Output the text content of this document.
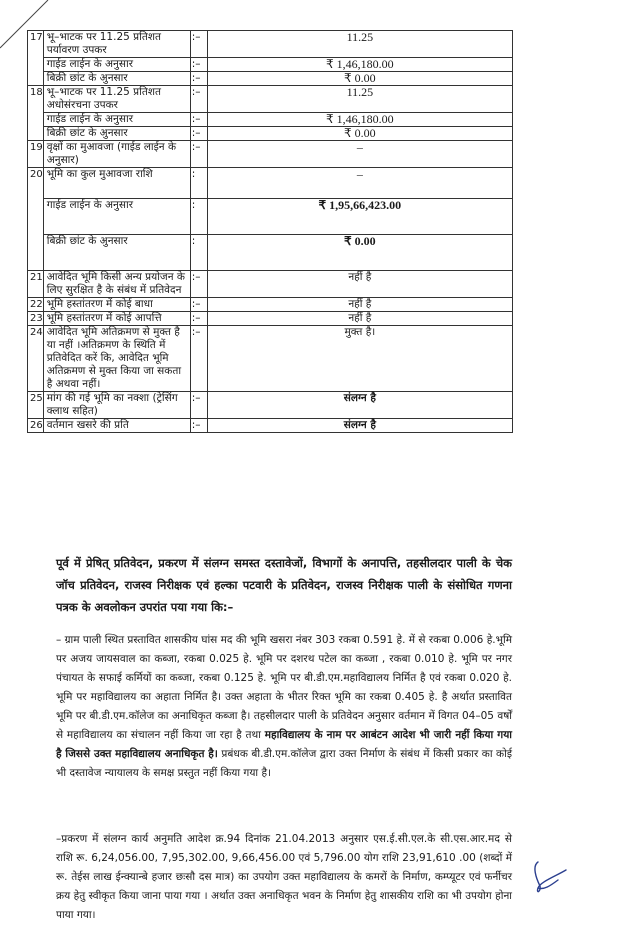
17	भू–भाटक पर 11.25 प्रतिशत पर्यावरण उपकर	:–	11.25
	गाईड लाईन के अनुसार	:–	₹ 1,46,180.00
	बिक्री छांट के अुनसार	:–	₹ 0.00
18	भू–भाटक पर 11.25 प्रतिशत अधोसंरचना उपकर	:–	11.25
	गाईड लाईन के अनुसार	:–	₹ 1,46,180.00
	बिक्री छांट के अुनसार	:–	₹ 0.00
19	वृक्षों का मुआवजा (गाईड लाईन के अनुसार)	:–	–
20	भूमि का कुल मुआवजा राशि	:	–
	गाईड लाईन के अनुसार	:	₹ 1,95,66,423.00
	बिक्री छांट के अुनसार	:	₹ 0.00
21	आवेदित भूमि किसी अन्य प्रयोजन के लिए सुरक्षित है के संबंध में प्रतिवेदन	:–	नहीं है
22	भूमि हस्तांतरण में कोई बाधा	:–	नहीं है
23	भूमि हस्तांतरण में कोई आपत्ति	:–	नहीं है
24	आवेदित भूमि अतिक्रमण से मुक्त है या नहीं ।अतिक्रमण के स्थिति में प्रतिवेदित करें कि, आवेदित भूमि अतिक्रमण से मुक्त किया जा सकता है अथवा नहीं।	:–	मुक्त है।
25	मांग की गई भूमि का नक्शा (ट्रेसिंग क्लाथ सहित)	:–	संलग्न है
26	वर्तमान खसरे की प्रति	:–	संलग्न है

पूर्व में प्रेषित् प्रतिवेदन, प्रकरण में संलग्न समस्त दस्तावेजों, विभागों के अनापत्ति, तहसीलदार पाली के चेक जॉच प्रतिवेदन, राजस्व निरीक्षक एवं हल्का पटवारी के प्रतिवेदन, राजस्व निरीक्षक पाली के संसोधित गणना पत्रक के अवलोकन उपरांत पया गया कि:–

– ग्राम पाली स्थित प्रस्तावित शासकीय घांस मद की भूमि खसरा नंबर 303 रकबा 0.591 हे. में से रकबा 0.006 हे.भूमि पर अजय जायसवाल का कब्जा, रकबा 0.025 हे. भूमि पर दशरथ पटेल का कब्जा , रकबा 0.010 हे. भूमि पर नगर पंचायत के सफाई कर्मियों का कब्जा, रकबा 0.125 हे. भूमि पर बी.डी.एम.महाविद्यालय निर्मित है एवं रकबा 0.020 हे. भूमि पर महाविद्यालय का अहाता निर्मित है। उक्त अहाता के भीतर रिक्त भूमि का रकबा 0.405 हे. है अर्थात प्रस्तावित भूमि पर बी.डी.एम.कॉलेज का अनाधिकृत कब्जा है। तहसीलदार पाली के प्रतिवेदन अनुसार वर्तमान में विगत 04–05 वर्षों से महाविद्यालय का संचालन नहीं किया जा रहा है तथा महाविद्यालय के नाम पर आबंटन आदेश भी जारी नहीं किया गया है जिससे उक्त महाविद्यालय अनाधिकृत है। प्रबंधक बी.डी.एम.कॉलेज द्वारा उक्त निर्माण के संबंध में किसी प्रकार का कोई भी दस्तावेज न्यायालय के समक्ष प्रस्तुत नहीं किया गया है।

–प्रकरण में संलग्न कार्य अनुमति आदेश क्र.94 दिनांक 21.04.2013 अनुसार एस.ई.सी.एल.के सी.एस.आर.मद से राशि रू. 6,24,056.00, 7,95,302.00, 9,66,456.00 एवं 5,796.00 योग राशि 23,91,610 .00 (शब्दों में रू. तेईस लाख ईन्क्यान्बे हजार छःसौ दस मात्र) का उपयोग उक्त महाविद्यालय के कमरों के निर्माण, कम्प्यूटर एवं फर्नीचर क्रय हेतु स्वीकृत किया जाना पाया गया । अर्थात उक्त अनाधिकृत भवन के निर्माण हेतु शासकीय राशि का भी उपयोग होना पाया गया।
